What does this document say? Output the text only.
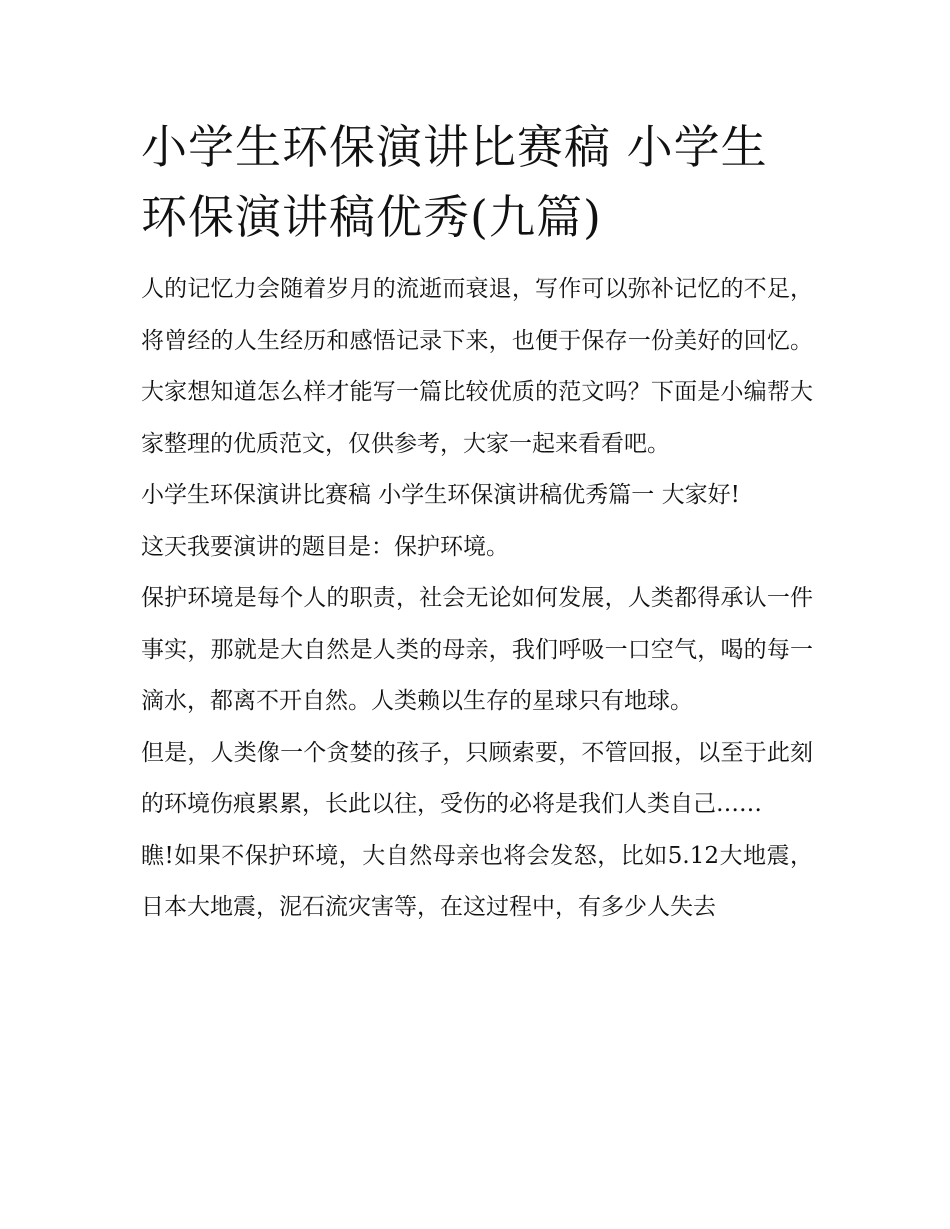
小学生环保演讲比赛稿 小学生环保演讲稿优秀(九篇)

人的记忆力会随着岁月的流逝而衰退，写作可以弥补记忆的不足，将曾经的人生经历和感悟记录下来，也便于保存一份美好的回忆。大家想知道怎么样才能写一篇比较优质的范文吗？下面是小编帮大家整理的优质范文，仅供参考，大家一起来看看吧。

小学生环保演讲比赛稿 小学生环保演讲稿优秀篇一 大家好!

这天我要演讲的题目是：保护环境。

保护环境是每个人的职责，社会无论如何发展，人类都得承认一件事实，那就是大自然是人类的母亲，我们呼吸一口空气，喝的每一滴水，都离不开自然。人类赖以生存的星球只有地球。

但是，人类像一个贪婪的孩子，只顾索要，不管回报，以至于此刻的环境伤痕累累，长此以往，受伤的必将是我们人类自己……

瞧!如果不保护环境，大自然母亲也将会发怒，比如5.12大地震，日本大地震，泥石流灾害等，在这过程中，有多少人失去
